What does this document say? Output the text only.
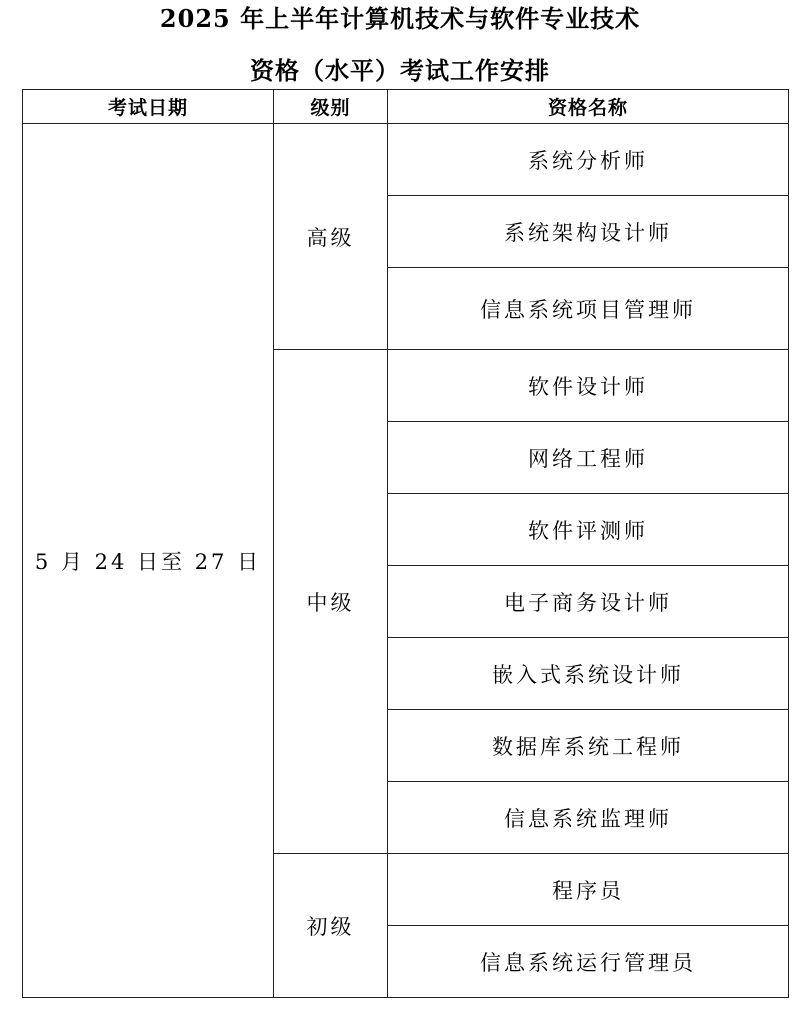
2025 年上半年计算机技术与软件专业技术
资格（水平）考试工作安排
考试日期	级别	资格名称
5 月 24 日至 27 日	高级	系统分析师
		系统架构设计师
		信息系统项目管理师
	中级	软件设计师
		网络工程师
		软件评测师
		电子商务设计师
		嵌入式系统设计师
		数据库系统工程师
		信息系统监理师
	初级	程序员
		信息系统运行管理员
